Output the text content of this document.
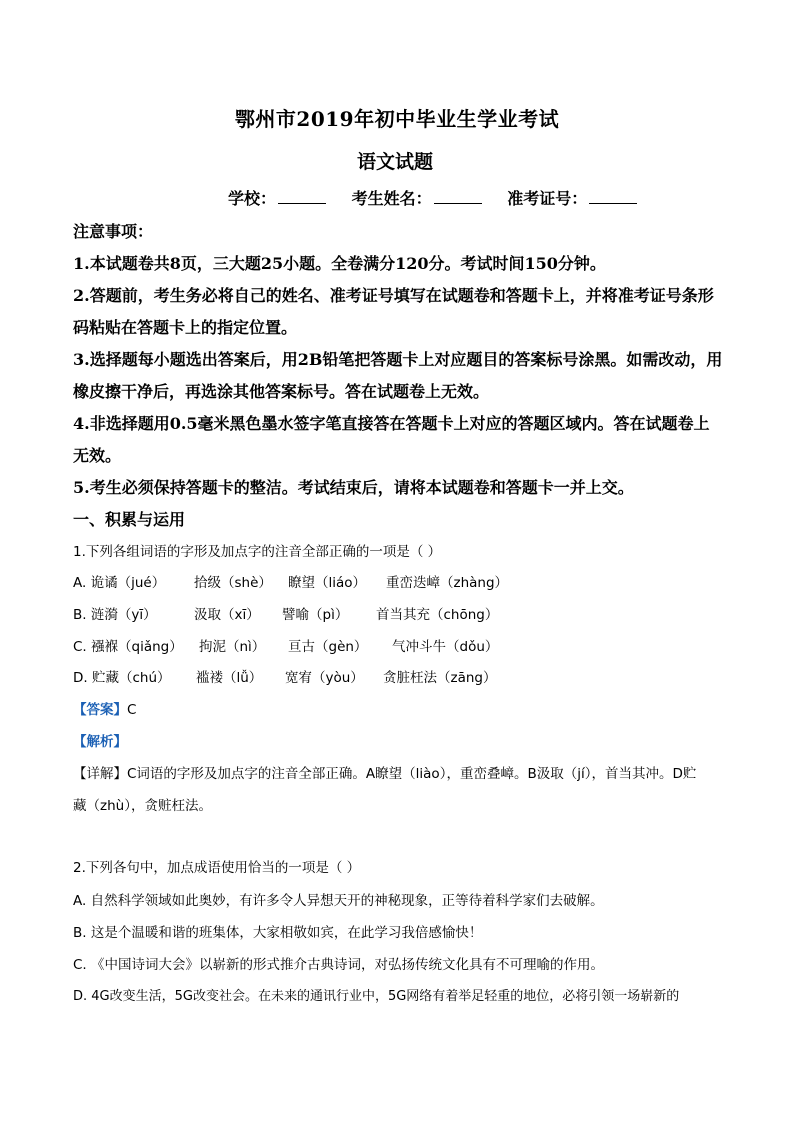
鄂州市2019年初中毕业生学业考试
语文试题
学校：	考生姓名：	准考证号：
注意事项：
1.本试题卷共8页，三大题25小题。全卷满分120分。考试时间150分钟。
2.答题前，考生务必将自己的姓名、准考证号填写在试题卷和答题卡上，并将准考证号条形
码粘贴在答题卡上的指定位置。
3.选择题每小题选出答案后，用2B铅笔把答题卡上对应题目的答案标号涂黑。如需改动，用
橡皮擦干净后，再选涂其他答案标号。答在试题卷上无效。
4.非选择题用0.5毫米黑色墨水签字笔直接答在答题卡上对应的答题区域内。答在试题卷上
无效。
5.考生必须保持答题卡的整洁。考试结束后，请将本试题卷和答题卡一并上交。
一、积累与运用
1.下列各组词语的字形及加点字的注音全部正确的一项是（ ）
A. 诡谲（jué） 拾级（shè） 瞭望（liáo） 重峦迭嶂（zhàng）
B. 涟漪（yī）	汲取（xī） 譬喻（pì） 首当其充（chōng）
C. 襁褓（qiǎng） 拘泥（nì） 亘古（gèn） 气冲斗牛（dǒu）
D. 贮藏（chú） 褴褛（lǚ） 宽宥（yòu） 贪脏枉法（zāng）
【答案】C
【解析】
【详解】C词语的字形及加点字的注音全部正确。A瞭望（liào），重峦叠嶂。B汲取（jí），首当其冲。D贮
藏（zhù），贪赃枉法。
2.下列各句中，加点成语使用恰当的一项是（ ）
A. 自然科学领域如此奥妙，有许多令人异想天开的神秘现象，正等待着科学家们去破解。
B. 这是个温暖和谐的班集体，大家相敬如宾，在此学习我倍感愉快！
C. 《中国诗词大会》以崭新的形式推介古典诗词，对弘扬传统文化具有不可理喻的作用。
D. 4G改变生活，5G改变社会。在未来的通讯行业中，5G网络有着举足轻重的地位，必将引领一场崭新的
